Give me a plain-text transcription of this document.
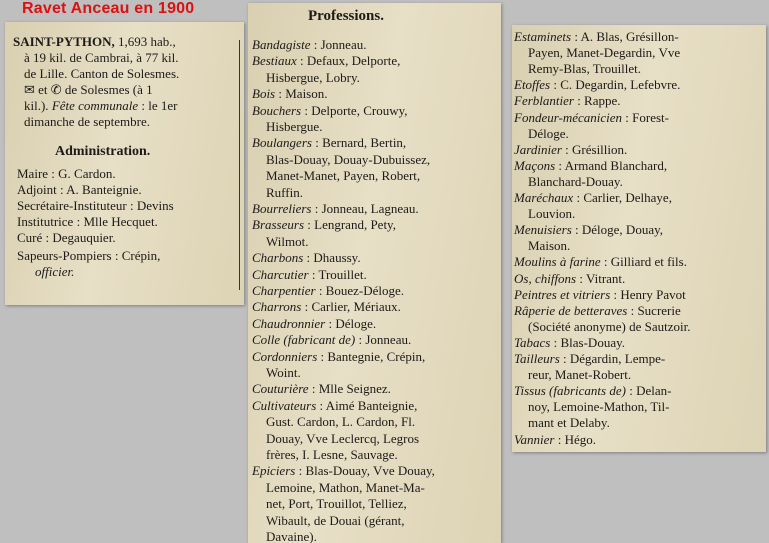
Ravet Anceau en 1900
SAINT-PYTHON, 1,693 hab.,
à 19 kil. de Cambrai, à 77 kil.
de Lille. Canton de Solesmes.
✉ et ✆ de Solesmes (à 1
kil.). Fête communale : le 1er
dimanche de septembre.
Administration.
Maire : G. Cardon.
Adjoint : A. Banteignie.
Secrétaire-Instituteur : Devins
Institutrice : Mlle Hecquet.
Curé : Degauquier.
Sapeurs-Pompiers : Crépin,
officier.
Professions.
Bandagiste : Jonneau.
Bestiaux : Defaux, Delporte,
Hisbergue, Lobry.
Bois : Maison.
Bouchers : Delporte, Crouwy,
Hisbergue.
Boulangers : Bernard, Bertin,
Blas-Douay, Douay-Dubuissez,
Manet-Manet, Payen, Robert,
Ruffin.
Bourreliers : Jonneau, Lagneau.
Brasseurs : Lengrand, Pety,
Wilmot.
Charbons : Dhaussy.
Charcutier : Trouillet.
Charpentier : Bouez-Déloge.
Charrons : Carlier, Mériaux.
Chaudronnier : Déloge.
Colle (fabricant de) : Jonneau.
Cordonniers : Bantegnie, Crépin,
Woint.
Couturière : Mlle Seignez.
Cultivateurs : Aimé Banteignie,
Gust. Cardon, L. Cardon, Fl.
Douay, Vve Leclercq, Legros
frères, I. Lesne, Sauvage.
Epiciers : Blas-Douay, Vve Douay,
Lemoine, Mathon, Manet-Ma-
net, Port, Trouillot, Telliez,
Wibault, de Douai (gérant,
Davaine).
Estaminets : A. Blas, Grésillon-
Payen, Manet-Degardin, Vve
Remy-Blas, Trouillet.
Etoffes : C. Degardin, Lefebvre.
Ferblantier : Rappe.
Fondeur-mécanicien : Forest-
Déloge.
Jardinier : Grésillion.
Maçons : Armand Blanchard,
Blanchard-Douay.
Maréchaux : Carlier, Delhaye,
Louvion.
Menuisiers : Déloge, Douay,
Maison.
Moulins à farine : Gilliard et fils.
Os, chiffons : Vitrant.
Peintres et vitriers : Henry Pavot
Râperie de betteraves : Sucrerie
(Société anonyme) de Sautzoir.
Tabacs : Blas-Douay.
Tailleurs : Dégardin, Lempe-
reur, Manet-Robert.
Tissus (fabricants de) : Delan-
noy, Lemoine-Mathon, Til-
mant et Delaby.
Vannier : Hégo.
